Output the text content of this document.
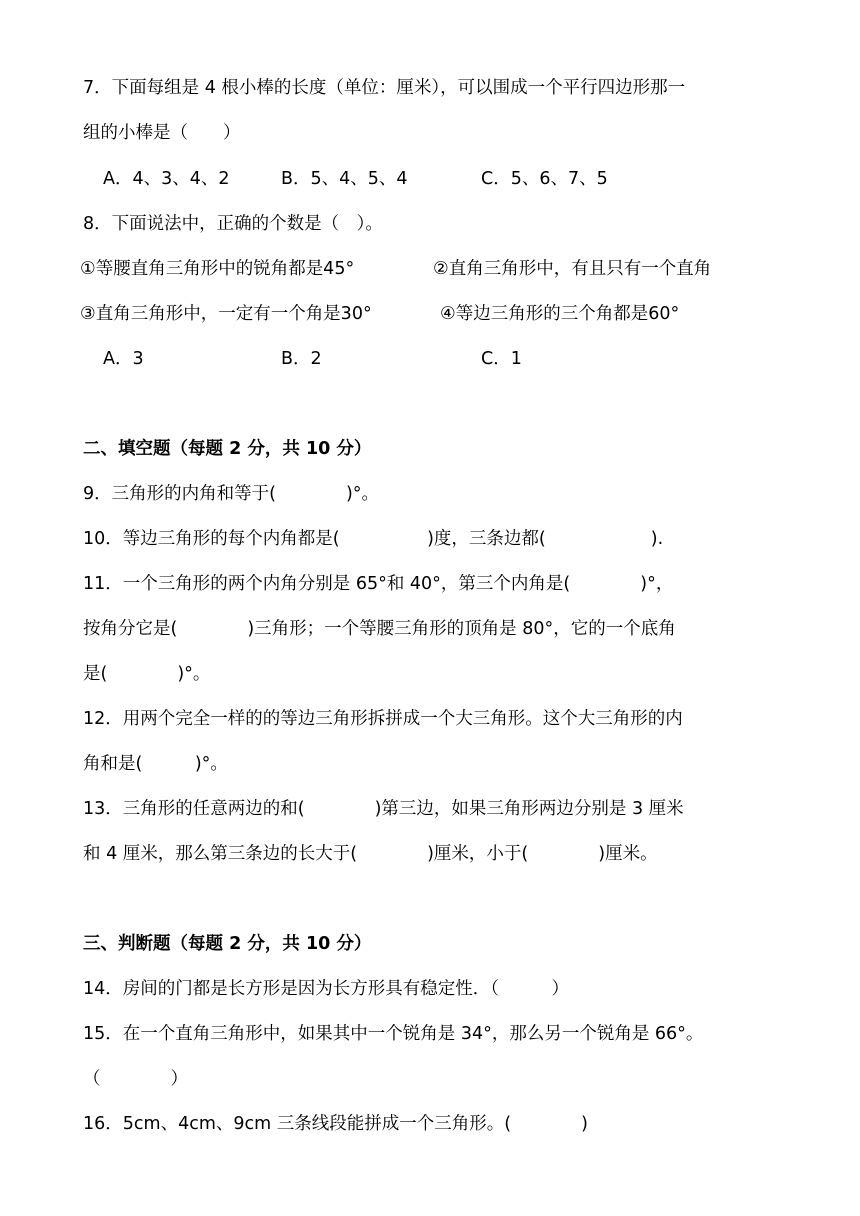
7．下面每组是 4 根小棒的长度（单位：厘米），可以围成一个平行四边形那一
组的小棒是（　　）
A．4、3、4、2	B．5、4、5、4	C．5、6、7、5
8．下面说法中，正确的个数是（　）。
①等腰直角三角形中的锐角都是45°	②直角三角形中，有且只有一个直角
③直角三角形中，一定有一个角是30°	④等边三角形的三个角都是60°
A．3	B．2	C．1
二、填空题（每题 2 分，共 10 分）
9．三角形的内角和等于(　　　　)°。
10．等边三角形的每个内角都是(　　　　　)度，三条边都(　　　　　　).
11．一个三角形的两个内角分别是 65°和 40°，第三个内角是(　　　　)°，
按角分它是(　　　　)三角形；一个等腰三角形的顶角是 80°，它的一个底角
是(　　　　)°。
12．用两个完全一样的的等边三角形拆拼成一个大三角形。这个大三角形的内
角和是(　　　)°。
13．三角形的任意两边的和(　　　　)第三边，如果三角形两边分别是 3 厘米
和 4 厘米，那么第三条边的长大于(　　　　)厘米，小于(　　　　)厘米。
三、判断题（每题 2 分，共 10 分）
14．房间的门都是长方形是因为长方形具有稳定性．（　　　）
15．在一个直角三角形中，如果其中一个锐角是 34°，那么另一个锐角是 66°。
（　　　　）
16．5cm、4cm、9cm 三条线段能拼成一个三角形。(　　　　)
